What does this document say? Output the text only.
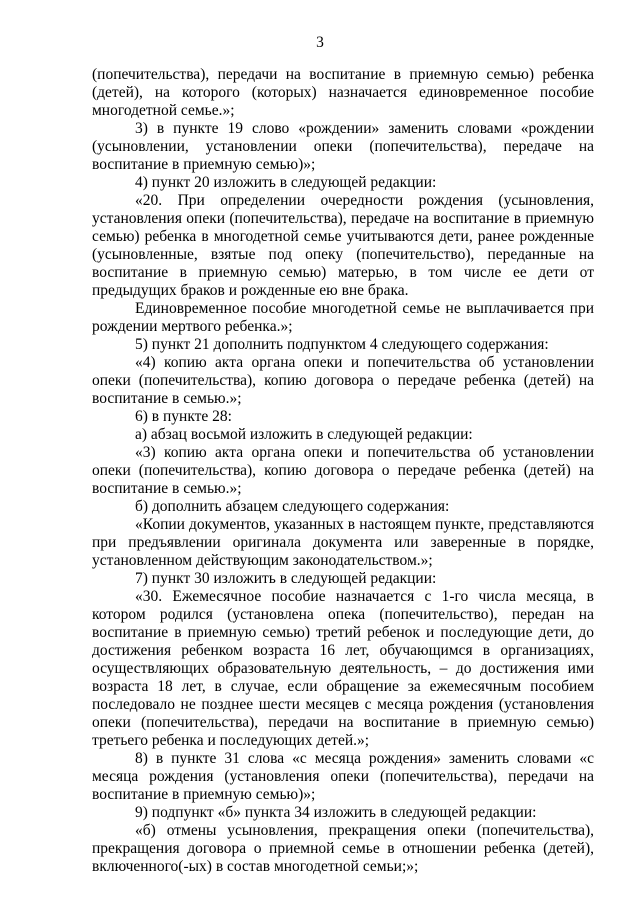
3

(попечительства), передачи на воспитание в приемную семью) ребенка (детей), на которого (которых) назначается единовременное пособие многодетной семье.»;

3) в пункте 19 слово «рождении» заменить словами «рождении (усыновлении, установлении опеки (попечительства), передаче на воспитание в приемную семью)»;

4) пункт 20 изложить в следующей редакции:

«20. При определении очередности рождения (усыновления, установления опеки (попечительства), передаче на воспитание в приемную семью) ребенка в многодетной семье учитываются дети, ранее рожденные (усыновленные, взятые под опеку (попечительство), переданные на воспитание в приемную семью) матерью, в том числе ее дети от предыдущих браков и рожденные ею вне брака.

Единовременное пособие многодетной семье не выплачивается при рождении мертвого ребенка.»;

5) пункт 21 дополнить подпунктом 4 следующего содержания:

«4) копию акта органа опеки и попечительства об установлении опеки (попечительства), копию договора о передаче ребенка (детей) на воспитание в семью.»;

6) в пункте 28:

а) абзац восьмой изложить в следующей редакции:

«3) копию акта органа опеки и попечительства об установлении опеки (попечительства), копию договора о передаче ребенка (детей) на воспитание в семью.»;

б) дополнить абзацем следующего содержания:

«Копии документов, указанных в настоящем пункте, представляются при предъявлении оригинала документа или заверенные в порядке, установленном действующим законодательством.»;

7) пункт 30 изложить в следующей редакции:

«30. Ежемесячное пособие назначается с 1-го числа месяца, в котором родился (установлена опека (попечительство), передан на воспитание в приемную семью) третий ребенок и последующие дети, до достижения ребенком возраста 16 лет, обучающимся в организациях, осуществляющих образовательную деятельность, – до достижения ими возраста 18 лет, в случае, если обращение за ежемесячным пособием последовало не позднее шести месяцев с месяца рождения (установления опеки (попечительства), передачи на воспитание в приемную семью) третьего ребенка и последующих детей.»;

8) в пункте 31 слова «с месяца рождения» заменить словами «с месяца рождения (установления опеки (попечительства), передачи на воспитание в приемную семью)»;

9) подпункт «б» пункта 34 изложить в следующей редакции:

«б) отмены усыновления, прекращения опеки (попечительства), прекращения договора о приемной семье в отношении ребенка (детей), включенного(-ых) в состав многодетной семьи;»;
